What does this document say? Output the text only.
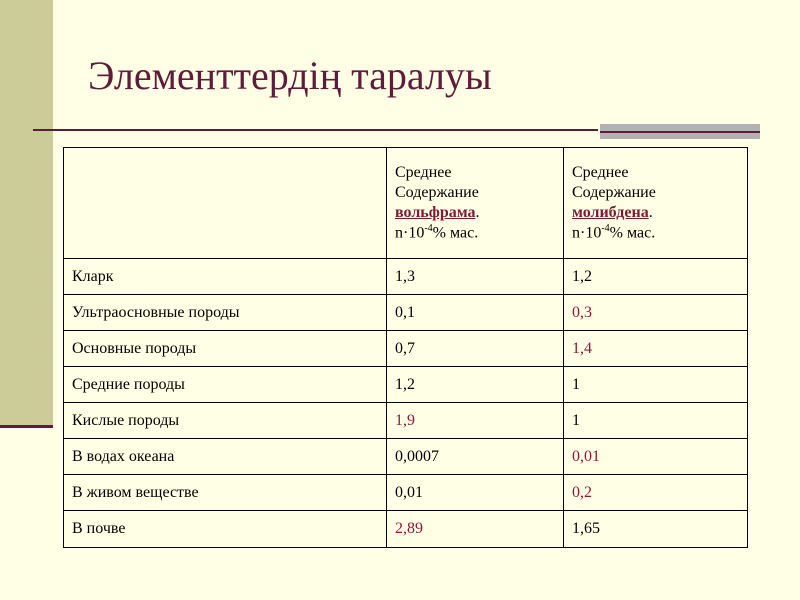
Элементтердің таралуы

	Среднее
Содержание
вольфрама.
$n\cdot 10^{-4}\%$ мас.	Среднее
Содержание
молибдена.
$n\cdot 10^{-4}\%$ мас.

Кларк	1,3	1,2
Ультраосновные породы	0,1	0,3
Основные породы	0,7	1,4
Средние породы	1,2	1
Кислые породы	1,9	1
В водах океана	0,0007	0,01
В живом веществе	0,01	0,2
В почве	2,89	1,65
